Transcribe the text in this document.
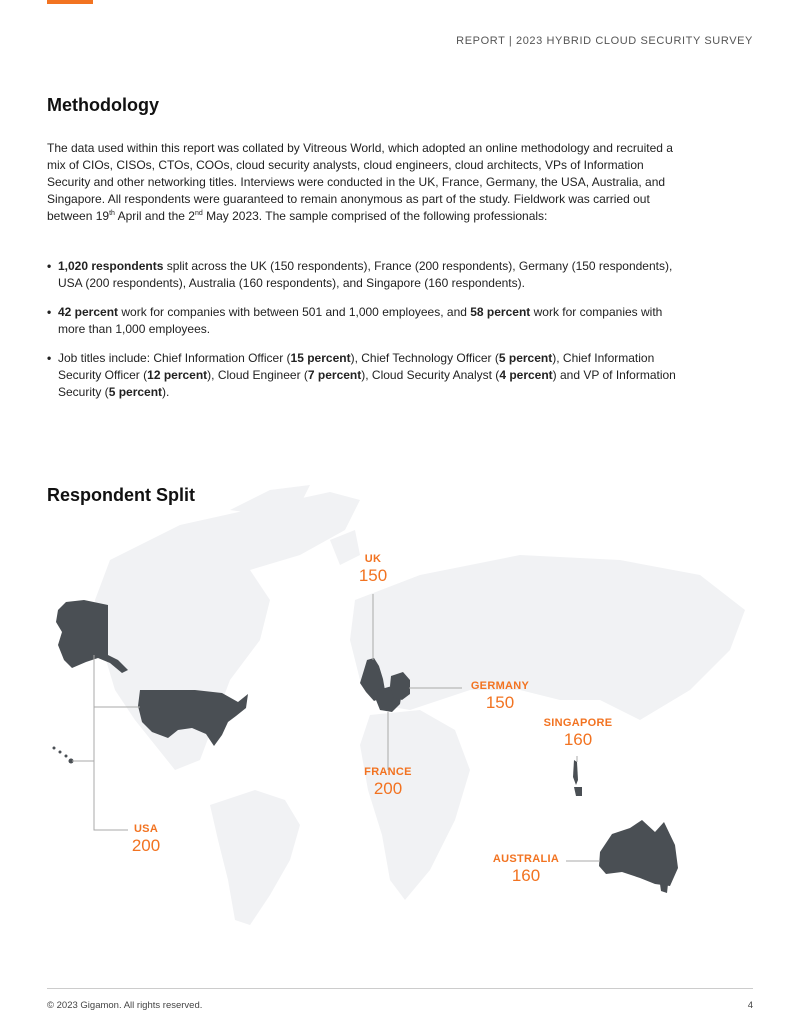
REPORT | 2023 HYBRID CLOUD SECURITY SURVEY
Methodology

The data used within this report was collated by Vitreous World, which adopted an online methodology and recruited a mix of CIOs, CISOs, CTOs, COOs, cloud security analysts, cloud engineers, cloud architects, VPs of Information Security and other networking titles. Interviews were conducted in the UK, France, Germany, the USA, Australia, and Singapore. All respondents were guaranteed to remain anonymous as part of the study. Fieldwork was carried out between 19th April and the 2nd May 2023. The sample comprised of the following professionals:

• 1,020 respondents split across the UK (150 respondents), France (200 respondents), Germany (150 respondents), USA (200 respondents), Australia (160 respondents), and Singapore (160 respondents).
• 42 percent work for companies with between 501 and 1,000 employees, and 58 percent work for companies with more than 1,000 employees.
• Job titles include: Chief Information Officer (15 percent), Chief Technology Officer (5 percent), Chief Information Security Officer (12 percent), Cloud Engineer (7 percent), Cloud Security Analyst (4 percent) and VP of Information Security (5 percent).
Respondent Split
UK
150
GERMANY
150
SINGAPORE
160
FRANCE
200
USA
200
AUSTRALIA
160
© 2023 Gigamon. All rights reserved.	4
